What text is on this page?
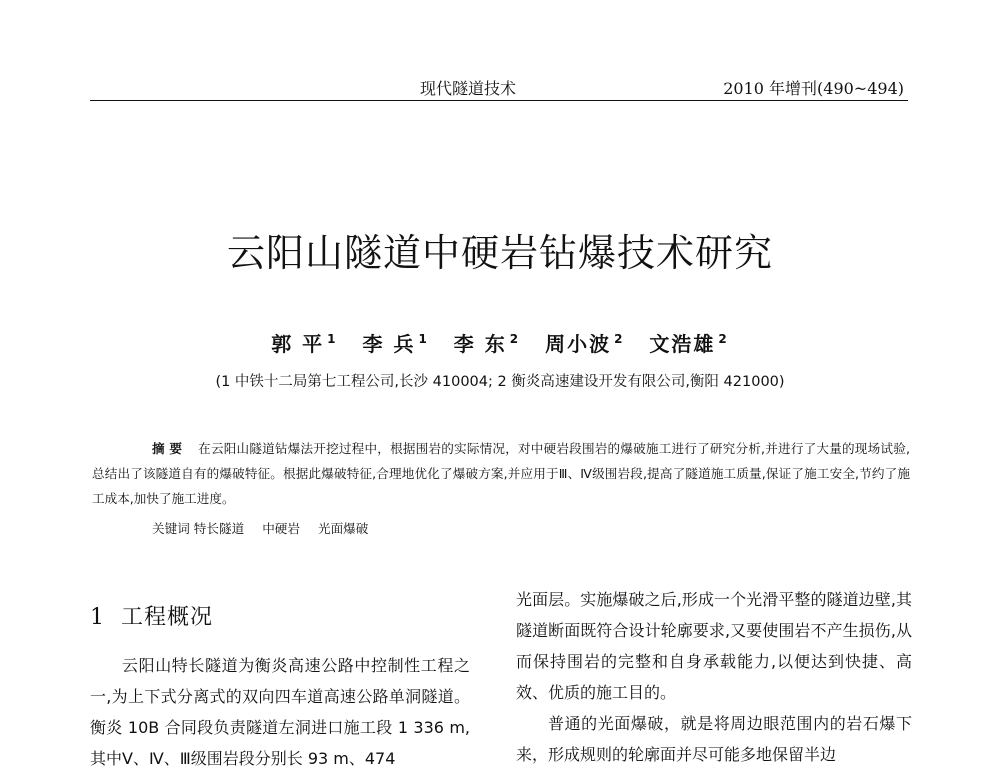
现代隧道技术	2010 年增刊(490~494)
云阳山隧道中硬岩钻爆技术研究
郭 平 $^1$ 李 兵 $^1$ 李 东 $^2$ 周小波 $^2$ 文浩雄 $^2$
(1 中铁十二局第七工程公司,长沙 410004; 2 衡炎高速建设开发有限公司,衡阳 421000)
摘 要 在云阳山隧道钻爆法开挖过程中，根据围岩的实际情况，对中硬岩段围岩的爆破施工进行了研究分析,并进行了大量的现场试验,总结出了该隧道自有的爆破特征。根据此爆破特征,合理地优化了爆破方案,并应用于Ⅲ、Ⅳ级围岩段,提高了隧道施工质量,保证了施工安全,节约了施工成本,加快了施工进度。
关键词 特长隧道 中硬岩 光面爆破
1 工程概况

云阳山特长隧道为衡炎高速公路中控制性工程之一,为上下式分离式的双向四车道高速公路单洞隧道。衡炎 10B 合同段负责隧道左洞进口施工段 1 336 m,其中Ⅴ、Ⅳ、Ⅲ级围岩段分别长 93 m、474

光面层。实施爆破之后,形成一个光滑平整的隧道边壁,其隧道断面既符合设计轮廓要求,又要使围岩不产生损伤,从而保持围岩的完整和自身承载能力,以便达到快捷、高效、优质的施工目的。

普通的光面爆破，就是将周边眼范围内的岩石爆下来，形成规则的轮廓面并尽可能多地保留半边
